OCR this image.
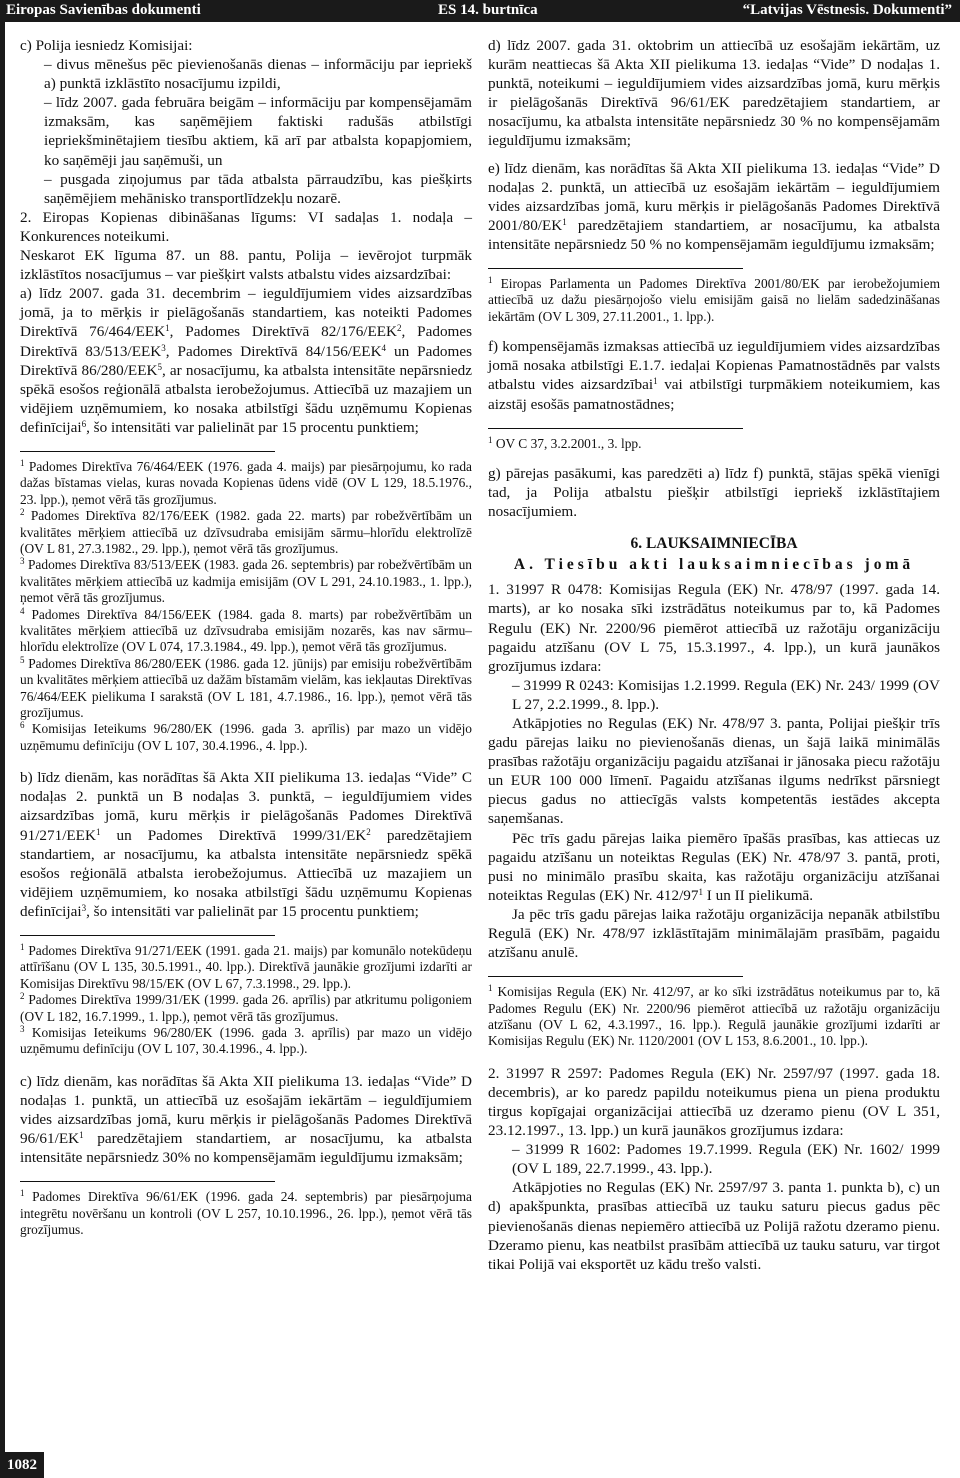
Eiropas Savienības dokumenti	ES 14. burtnīca	“Latvijas Vēstnesis. Dokumenti”

c) Polija iesniedz Komisijai:

– divus mēnešus pēc pievienošanās dienas – informāciju par iepriekš a) punktā izklāstīto nosacījumu izpildi,

– līdz 2007. gada februāra beigām – informāciju par kompensējamām izmaksām, kas saņēmējiem faktiski radušās atbilstīgi iepriekšminētajiem tiesību aktiem, kā arī par atbalsta kopapjomiem, ko saņēmēji jau saņēmuši, un

– pusgada ziņojumus par tāda atbalsta pārraudzību, kas piešķirts saņēmējiem mehānisko transportlīdzekļu nozarē.

2. Eiropas Kopienas dibināšanas līgums: VI sadaļas 1. nodaļa – Konkurences noteikumi.

Neskarot EK līguma 87. un 88. pantu, Polija – ievērojot turpmāk izklāstītos nosacījumus – var piešķirt valsts atbalstu vides aizsardzībai:

a) līdz 2007. gada 31. decembrim – ieguldījumiem vides aizsardzības jomā, ja to mērķis ir pielāgošanās standartiem, kas noteikti Padomes Direktīvā 76/464/EEK$^1$, Padomes Direktīvā 82/176/EEK$^2$, Padomes Direktīvā 83/513/EEK$^3$, Padomes Direktīvā 84/156/EEK$^4$ un Padomes Direktīvā 86/280/EEK$^5$, ar nosacījumu, ka atbalsta intensitāte nepārsniedz spēkā esošos reģionālā atbalsta ierobežojumus. Attiecībā uz mazajiem un vidējiem uzņēmumiem, ko nosaka atbilstīgi šādu uzņēmumu Kopienas definīcijai$^6$, šo intensitāti var palielināt par 15 procentu punktiem;

$^1$ Padomes Direktīva 76/464/EEK (1976. gada 4. maijs) par piesārņojumu, ko rada dažas bīstamas vielas, kuras novada Kopienas ūdens vidē (OV L 129, 18.5.1976., 23. lpp.), ņemot vērā tās grozījumus.

$^2$ Padomes Direktīva 82/176/EEK (1982. gada 22. marts) par robežvērtībām un kvalitātes mērķiem attiecībā uz dzīvsudraba emisijām sārmu–hlorīdu elektrolīzē (OV L 81, 27.3.1982., 29. lpp.), ņemot vērā tās grozījumus.

$^3$ Padomes Direktīva 83/513/EEK (1983. gada 26. septembris) par robežvērtībām un kvalitātes mērķiem attiecībā uz kadmija emisijām (OV L 291, 24.10.1983., 1. lpp.), ņemot vērā tās grozījumus.

$^4$ Padomes Direktīva 84/156/EEK (1984. gada 8. marts) par robežvērtībām un kvalitātes mērķiem attiecībā uz dzīvsudraba emisijām nozarēs, kas nav sārmu–hlorīdu elektrolīze (OV L 074, 17.3.1984., 49. lpp.), ņemot vērā tās grozījumus.

$^5$ Padomes Direktīva 86/280/EEK (1986. gada 12. jūnijs) par emisiju robežvērtībām un kvalitātes mērķiem attiecībā uz dažām bīstamām vielām, kas iekļautas Direktīvas 76/464/EEK pielikuma I sarakstā (OV L 181, 4.7.1986., 16. lpp.), ņemot vērā tās grozījumus.

$^6$ Komisijas Ieteikums 96/280/EK (1996. gada 3. aprīlis) par mazo un vidējo uzņēmumu definīciju (OV L 107, 30.4.1996., 4. lpp.).

b) līdz dienām, kas norādītas šā Akta XII pielikuma 13. iedaļas “Vide” C nodaļas 2. punktā un B nodaļas 3. punktā, – ieguldījumiem vides aizsardzības jomā, kuru mērķis ir pielāgošanās Padomes Direktīvā 91/271/EEK$^1$ un Padomes Direktīvā $1999/31/EK^2$ paredzētajiem standartiem, ar nosacījumu, ka atbalsta intensitāte nepārsniedz spēkā esošos reģionālā atbalsta ierobežojumus. Attiecībā uz mazajiem un vidējiem uzņēmumiem, ko nosaka atbilstīgi šādu uzņēmumu Kopienas definīcijai$^3$, šo intensitāti var palielināt par 15 procentu punktiem;

$^1$ Padomes Direktīva 91/271/EEK (1991. gada 21. maijs) par komunālo notekūdeņu attīrīšanu (OV L 135, 30.5.1991., 40. lpp.). Direktīvā jaunākie grozījumi izdarīti ar Komisijas Direktīvu 98/15/EK (OV L 67, 7.3.1998., 29. lpp.).

$^2$ Padomes Direktīva 1999/31/EK (1999. gada 26. aprīlis) par atkritumu poligoniem (OV L 182, 16.7.1999., 1. lpp.), ņemot vērā tās grozījumus.

$^3$ Komisijas Ieteikums 96/280/EK (1996. gada 3. aprīlis) par mazo un vidējo uzņēmumu definīciju (OV L 107, 30.4.1996., 4. lpp.).

c) līdz dienām, kas norādītas šā Akta XII pielikuma 13. iedaļas “Vide” D nodaļas 1. punktā, un attiecībā uz esošajām iekārtām – ieguldījumiem vides aizsardzības jomā, kuru mērķis ir pielāgošanās Padomes Direktīvā $96/61/EK^1$ paredzētajiem standartiem, ar nosacījumu, ka atbalsta intensitāte nepārsniedz 30% no kompensējamām ieguldījumu izmaksām;

$^1$ Padomes Direktīva 96/61/EK (1996. gada 24. septembris) par piesārņojuma integrētu novēršanu un kontroli (OV L 257, 10.10.1996., 26. lpp.), ņemot vērā tās grozījumus.

d) līdz 2007. gada 31. oktobrim un attiecībā uz esošajām iekārtām, uz kurām neattiecas šā Akta XII pielikuma 13. iedaļas “Vide” D nodaļas 1. punktā, noteikumi – ieguldījumiem vides aizsardzības jomā, kuru mērķis ir pielāgošanās Direktīvā 96/61/EK paredzētajiem standartiem, ar nosacījumu, ka atbalsta intensitāte nepārsniedz 30 % no kompensējamām ieguldījumu izmaksām;

e) līdz dienām, kas norādītas šā Akta XII pielikuma 13. iedaļas “Vide” D nodaļas 2. punktā, un attiecībā uz esošajām iekārtām – ieguldījumiem vides aizsardzības jomā, kuru mērķis ir pielāgošanās Padomes Direktīvā $2001/80/EK^1$ paredzētajiem standartiem, ar nosacījumu, ka atbalsta intensitāte nepārsniedz 50 % no kompensējamām ieguldījumu izmaksām;

$^1$ Eiropas Parlamenta un Padomes Direktīva 2001/80/EK par ierobežojumiem attiecībā uz dažu piesārņojošo vielu emisijām gaisā no lielām sadedzināšanas iekārtām (OV L 309, 27.11.2001., 1. lpp.).

f) kompensējamās izmaksas attiecībā uz ieguldījumiem vides aizsardzības jomā nosaka atbilstīgi E.1.7. iedaļai Kopienas Pamatnostādnēs par valsts atbalstu vides aizsardzībai$^1$ vai atbilstīgi turpmākiem noteikumiem, kas aizstāj esošās pamatnostādnes;

$^1$ OV C 37, 3.2.2001., 3. lpp.

g) pārejas pasākumi, kas paredzēti a) līdz f) punktā, stājas spēkā vienīgi tad, ja Polija atbalstu piešķir atbilstīgi iepriekš izklāstītajiem nosacījumiem.

6. LAUKSAIMNIECĪBA
A. Tiesību akti lauksaimniecības jomā

1. 31997 R 0478: Komisijas Regula (EK) Nr. 478/97 (1997. gada 14. marts), ar ko nosaka sīki izstrādātus noteikumus par to, kā Padomes Regulu (EK) Nr. 2200/96 piemērot attiecībā uz ražotāju organizāciju pagaidu atzīšanu (OV L 75, 15.3.1997., 4. lpp.), un kurā jaunākos grozījumus izdara:

– 31999 R 0243: Komisijas 1.2.1999. Regula (EK) Nr. 243/ 1999 (OV L 27, 2.2.1999., 8. lpp.).

Atkāpjoties no Regulas (EK) Nr. 478/97 3. panta, Polijai piešķir trīs gadu pārejas laiku no pievienošanās dienas, un šajā laikā minimālās prasības ražotāju organizāciju pagaidu atzīšanai ir jānosaka piecu ražotāju un EUR 100 000 līmenī. Pagaidu atzīšanas ilgums nedrīkst pārsniegt piecus gadus no attiecīgās valsts kompetentās iestādes akcepta saņemšanas.

Pēc trīs gadu pārejas laika piemēro īpašās prasības, kas attiecas uz pagaidu atzīšanu un noteiktas Regulas (EK) Nr. 478/97 3. pantā, proti, pusi no minimālo prasību skaita, kas ražotāju organizāciju atzīšanai noteiktas Regulas (EK) Nr. $412/97^1$ I un II pielikumā.

Ja pēc trīs gadu pārejas laika ražotāju organizācija nepanāk atbilstību Regulā (EK) Nr. 478/97 izklāstītajām minimālajām prasībām, pagaidu atzīšanu anulē.

$^1$ Komisijas Regula (EK) Nr. 412/97, ar ko sīki izstrādātus noteikumus par to, kā Padomes Regulu (EK) Nr. 2200/96 piemērot attiecībā uz ražotāju organizāciju atzīšanu (OV L 62, 4.3.1997., 16. lpp.). Regulā jaunākie grozījumi izdarīti ar Komisijas Regulu (EK) Nr. 1120/2001 (OV L 153, 8.6.2001., 10. lpp.).

2. 31997 R 2597: Padomes Regula (EK) Nr. 2597/97 (1997. gada 18. decembris), ar ko paredz papildu noteikumus piena un piena produktu tirgus kopīgajai organizācijai attiecībā uz dzeramo pienu (OV L 351, 23.12.1997., 13. lpp.) un kurā jaunākos grozījumus izdara:

– 31999 R 1602: Padomes 19.7.1999. Regula (EK) Nr. 1602/ 1999 (OV L 189, 22.7.1999., 43. lpp.).

Atkāpjoties no Regulas (EK) Nr. 2597/97 3. panta 1. punkta b), c) un d) apakšpunkta, prasības attiecībā uz tauku saturu piecus gadus pēc pievienošanās dienas nepiemēro attiecībā uz Polijā ražotu dzeramo pienu. Dzeramo pienu, kas neatbilst prasībām attiecībā uz tauku saturu, var tirgot tikai Polijā vai eksportēt uz kādu trešo valsti.

1082
